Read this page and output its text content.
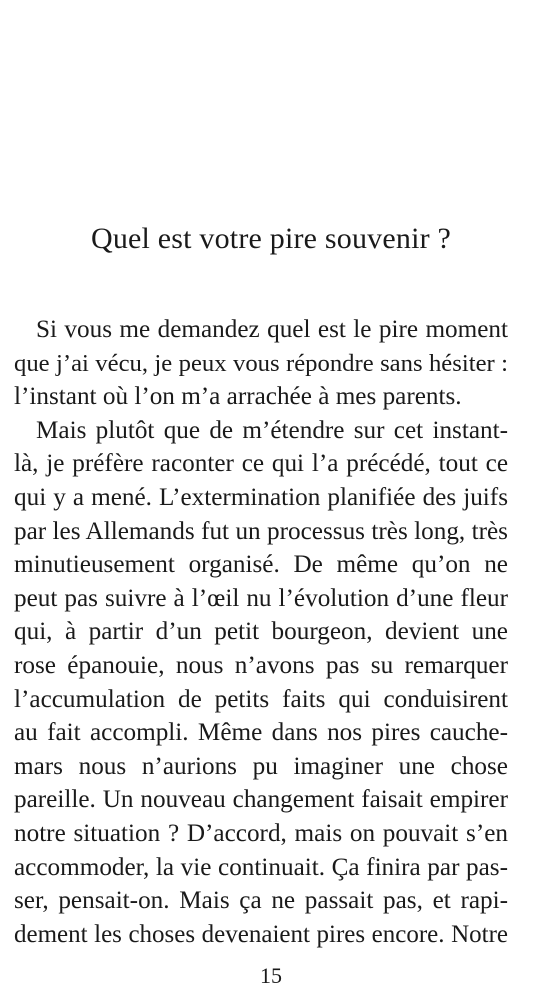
Quel est votre pire souvenir ?

Si vous me demandez quel est le pire moment
que j’ai vécu, je peux vous répondre sans hésiter :
l’instant où l’on m’a arrachée à mes parents.

Mais plutôt que de m’étendre sur cet instant-
là, je préfère raconter ce qui l’a précédé, tout ce
qui y a mené. L’extermination planifiée des juifs
par les Allemands fut un processus très long, très
minutieusement organisé. De même qu’on ne
peut pas suivre à l’œil nu l’évolution d’une fleur
qui, à partir d’un petit bourgeon, devient une
rose épanouie, nous n’avons pas su remarquer
l’accumulation de petits faits qui conduisirent
au fait accompli. Même dans nos pires cauche-
mars nous n’aurions pu imaginer une chose
pareille. Un nouveau changement faisait empirer
notre situation ? D’accord, mais on pouvait s’en
accommoder, la vie continuait. Ça finira par pas-
ser, pensait-on. Mais ça ne passait pas, et rapi-
dement les choses devenaient pires encore. Notre

15
